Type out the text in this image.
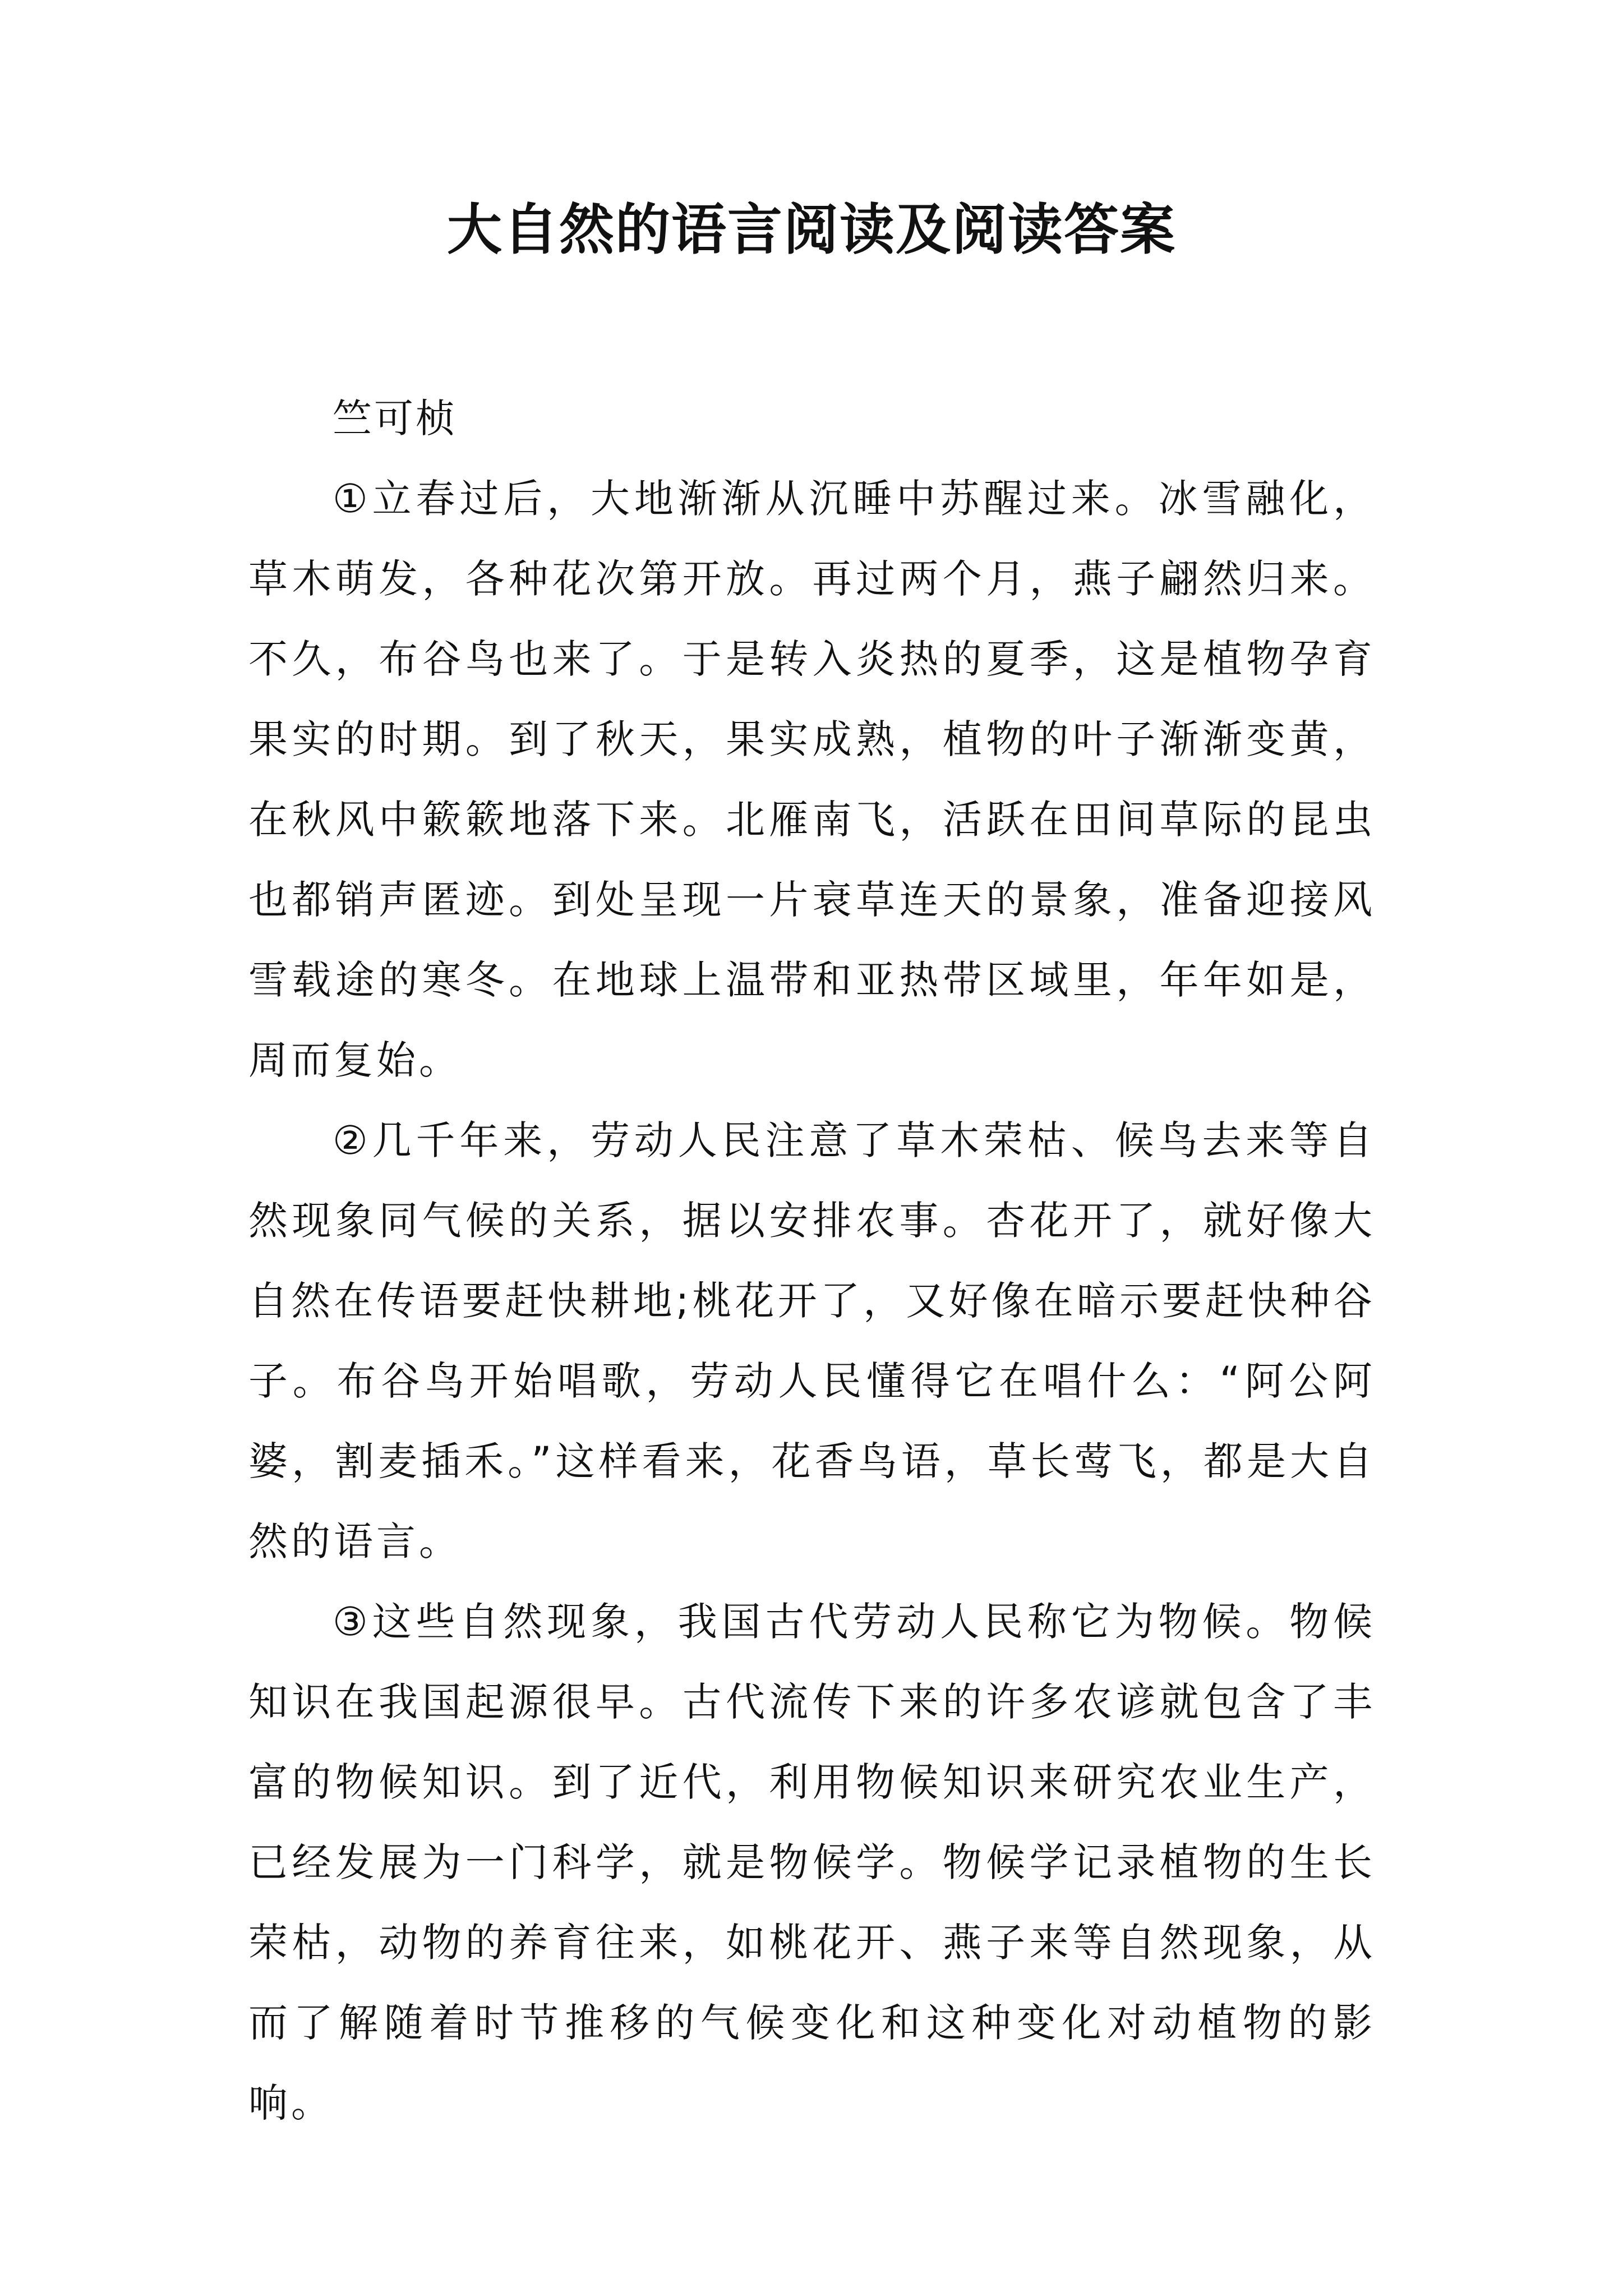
大自然的语言阅读及阅读答案

竺可桢

①立春过后，大地渐渐从沉睡中苏醒过来。冰雪融化，草木萌发，各种花次第开放。再过两个月，燕子翩然归来。不久，布谷鸟也来了。于是转入炎热的夏季，这是植物孕育果实的时期。到了秋天，果实成熟，植物的叶子渐渐变黄，在秋风中簌簌地落下来。北雁南飞，活跃在田间草际的昆虫也都销声匿迹。到处呈现一片衰草连天的景象，准备迎接风雪载途的寒冬。在地球上温带和亚热带区域里，年年如是，周而复始。

②几千年来，劳动人民注意了草木荣枯、候鸟去来等自然现象同气候的关系，据以安排农事。杏花开了，就好像大自然在传语要赶快耕地;桃花开了，又好像在暗示要赶快种谷子。布谷鸟开始唱歌，劳动人民懂得它在唱什么：“阿公阿婆，割麦插禾。”这样看来，花香鸟语，草长莺飞，都是大自然的语言。

③这些自然现象，我国古代劳动人民称它为物候。物候知识在我国起源很早。古代流传下来的许多农谚就包含了丰富的物候知识。到了近代，利用物候知识来研究农业生产，已经发展为一门科学，就是物候学。物候学记录植物的生长荣枯，动物的养育往来，如桃花开、燕子来等自然现象，从而了解随着时节推移的气候变化和这种变化对动植物的影响。
